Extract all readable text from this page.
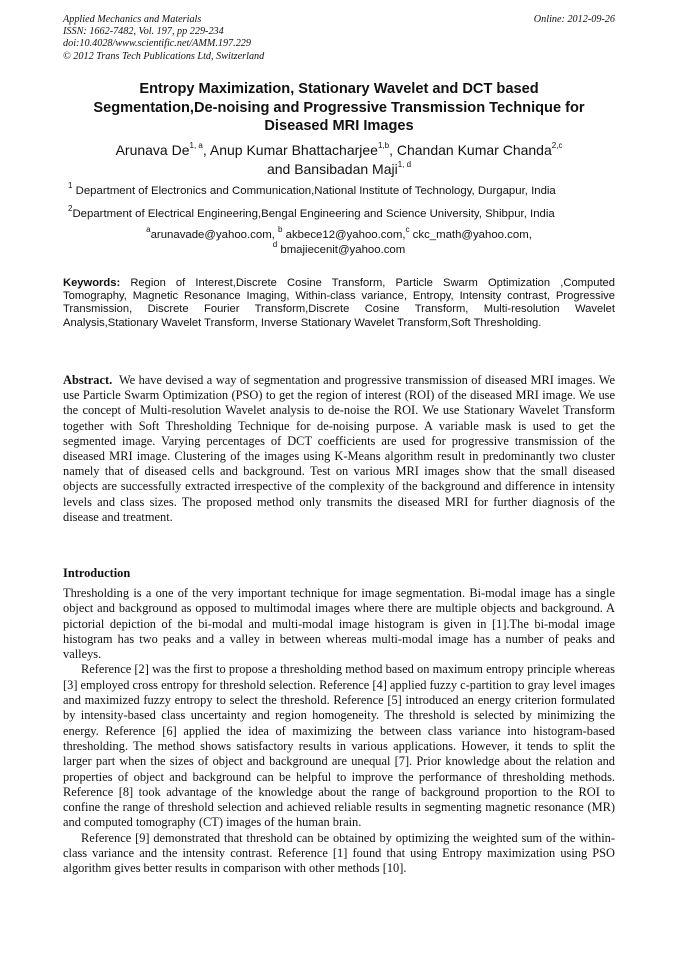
Applied Mechanics and Materials
ISSN: 1662-7482, Vol. 197, pp 229-234
doi:10.4028/www.scientific.net/AMM.197.229
© 2012 Trans Tech Publications Ltd, Switzerland
Online: 2012-09-26
Entropy Maximization, Stationary Wavelet and DCT based
Segmentation,De-noising and Progressive Transmission Technique for
Diseased MRI Images
Arunava De$^{1, a}$, Anup Kumar Bhattacharjee$^{1,b}$, Chandan Kumar Chanda$^{2,c}$
and Bansibadan Maji$^{1, d}$
$^1$ Department of Electronics and Communication,National Institute of Technology, Durgapur, India
$^2$Department of Electrical Engineering,Bengal Engineering and Science University, Shibpur, India
$^a$arunavade@yahoo.com, $^b$ akbece12@yahoo.com,$^c$ ckc_math@yahoo.com,
$^d$ bmajiecenit@yahoo.com
Keywords: Region of Interest,Discrete Cosine Transform, Particle Swarm Optimization ,Computed Tomography, Magnetic Resonance Imaging, Within-class variance, Entropy, Intensity contrast, Progressive Transmission, Discrete Fourier Transform,Discrete Cosine Transform, Multi-resolution Wavelet Analysis,Stationary Wavelet Transform, Inverse Stationary Wavelet Transform,Soft Thresholding.
Abstract. We have devised a way of segmentation and progressive transmission of diseased MRI images. We use Particle Swarm Optimization (PSO) to get the region of interest (ROI) of the diseased MRI image. We use the concept of Multi-resolution Wavelet analysis to de-noise the ROI. We use Stationary Wavelet Transform together with Soft Thresholding Technique for de-noising purpose. A variable mask is used to get the segmented image. Varying percentages of DCT coefficients are used for progressive transmission of the diseased MRI image. Clustering of the images using K-Means algorithm result in predominantly two cluster namely that of diseased cells and background. Test on various MRI images show that the small diseased objects are successfully extracted irrespective of the complexity of the background and difference in intensity levels and class sizes. The proposed method only transmits the diseased MRI for further diagnosis of the disease and treatment.
Introduction

Thresholding is a one of the very important technique for image segmentation. Bi-modal image has a single object and background as opposed to multimodal images where there are multiple objects and background. A pictorial depiction of the bi-modal and multi-modal image histogram is given in [1].The bi-modal image histogram has two peaks and a valley in between whereas multi-modal image has a number of peaks and valleys.

Reference [2] was the first to propose a thresholding method based on maximum entropy principle whereas [3] employed cross entropy for threshold selection. Reference [4] applied fuzzy c-partition to gray level images and maximized fuzzy entropy to select the threshold. Reference [5] introduced an energy criterion formulated by intensity-based class uncertainty and region homogeneity. The threshold is selected by minimizing the energy. Reference [6] applied the idea of maximizing the between class variance into histogram-based thresholding. The method shows satisfactory results in various applications. However, it tends to split the larger part when the sizes of object and background are unequal [7]. Prior knowledge about the relation and properties of object and background can be helpful to improve the performance of thresholding methods. Reference [8] took advantage of the knowledge about the range of background proportion to the ROI to confine the range of threshold selection and achieved reliable results in segmenting magnetic resonance (MR) and computed tomography (CT) images of the human brain.

Reference [9] demonstrated that threshold can be obtained by optimizing the weighted sum of the within-class variance and the intensity contrast. Reference [1] found that using Entropy maximization using PSO algorithm gives better results in comparison with other methods [10].
